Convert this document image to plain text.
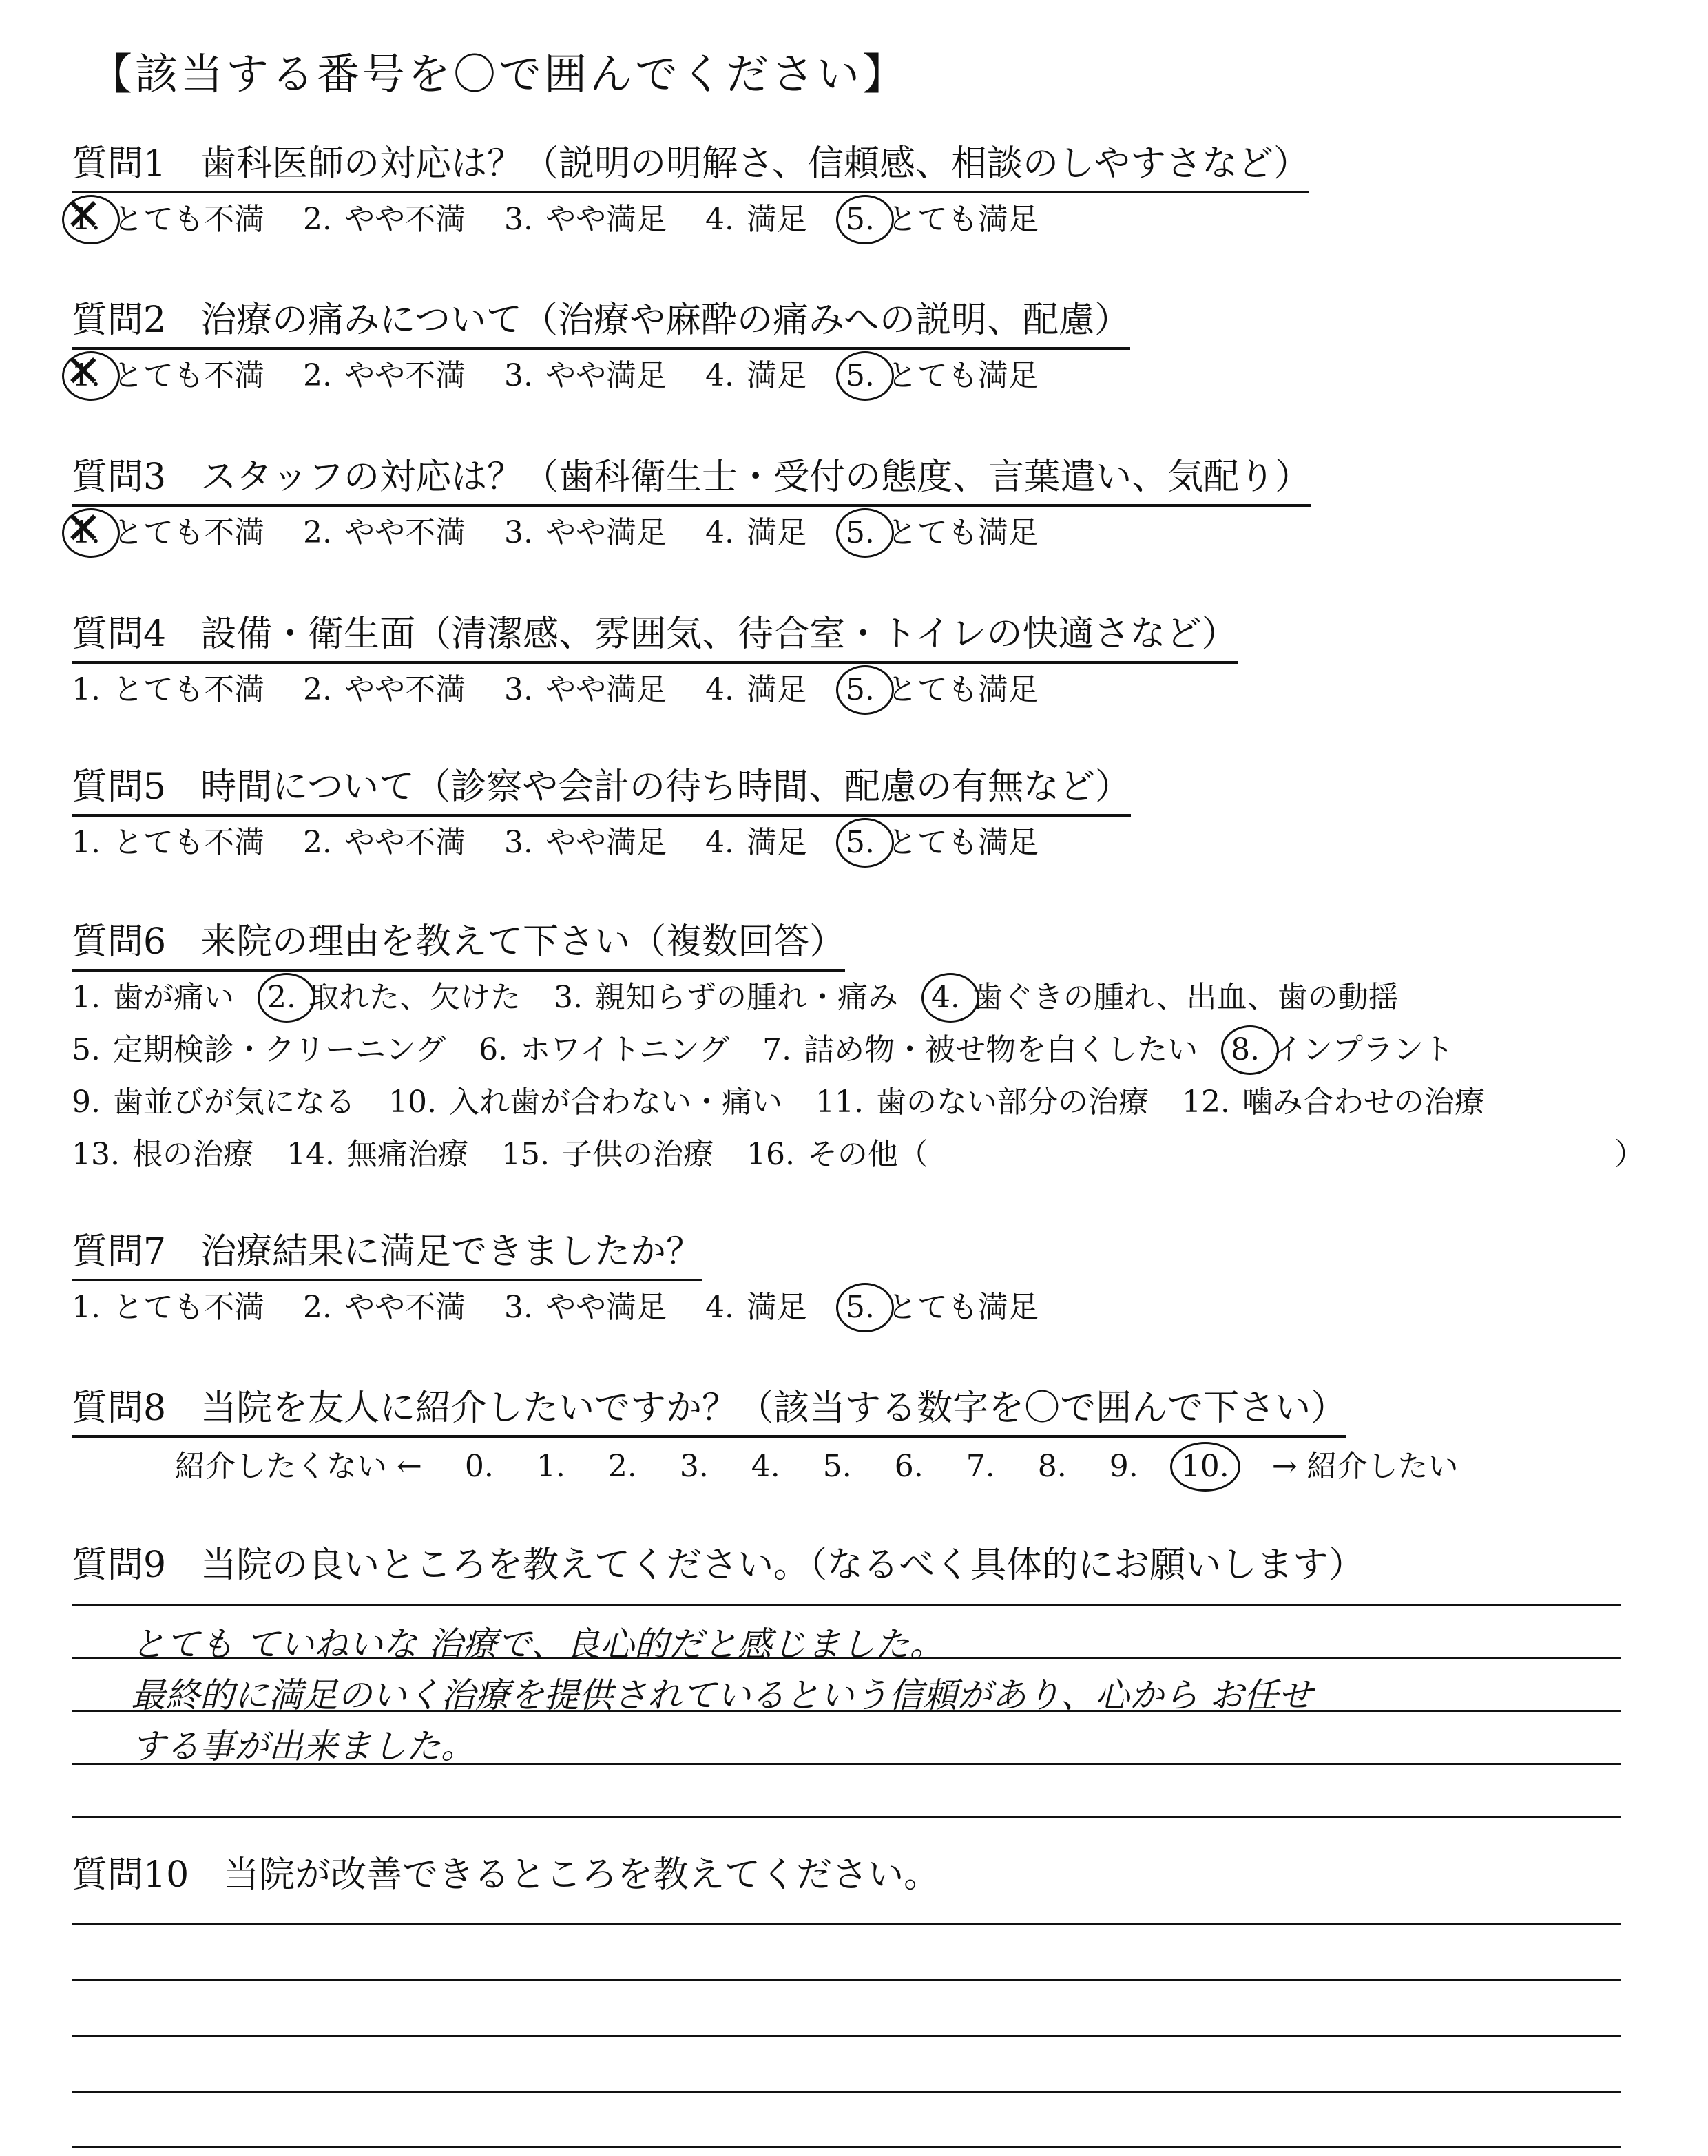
【該当する番号を〇で囲んでください】
質問1 歯科医師の対応は？（説明の明解さ、信頼感、相談のしやすさなど）
✕ 1. とても不満 2. やや不満 3. やや満足 4. 満足 5. とても満足
質問2 治療の痛みについて（治療や麻酔の痛みへの説明、配慮）
✕ 1. とても不満 2. やや不満 3. やや満足 4. 満足 5. とても満足
質問3 スタッフの対応は？（歯科衛生士・受付の態度、言葉遣い、気配り）
✕ 1. とても不満 2. やや不満 3. やや満足 4. 満足 5. とても満足
質問4 設備・衛生面（清潔感、雰囲気、待合室・トイレの快適さなど）
1. とても不満 2. やや不満 3. やや満足 4. 満足 5. とても満足
質問5 時間について（診察や会計の待ち時間、配慮の有無など）
1. とても不満 2. やや不満 3. やや満足 4. 満足 5. とても満足
質問6 来院の理由を教えて下さい（複数回答）
1. 歯が痛い 2. 取れた、欠けた 3. 親知らずの腫れ・痛み 4. 歯ぐきの腫れ、出血、歯の動揺
5. 定期検診・クリーニング 6. ホワイトニング 7. 詰め物・被せ物を白くしたい 8. インプラント
9. 歯並びが気になる 10. 入れ歯が合わない・痛い 11. 歯のない部分の治療 12. 噛み合わせの治療
13. 根の治療 14. 無痛治療 15. 子供の治療 16. その他（	）
質問7 治療結果に満足できましたか？
1. とても不満 2. やや不満 3. やや満足 4. 満足 5. とても満足
質問8 当院を友人に紹介したいですか？（該当する数字を〇で囲んで下さい）
紹介したくない ← 0. 1. 2. 3. 4. 5. 6. 7. 8. 9. 10. → 紹介したい
質問9 当院の良いところを教えてください。（なるべく具体的にお願いします）
とても ていねいな 治療で、良心的だと感じました。
最終的に満足のいく治療を提供されているという信頼があり、心から お任せ
する事が出来ました。
質問10 当院が改善できるところを教えてください。
